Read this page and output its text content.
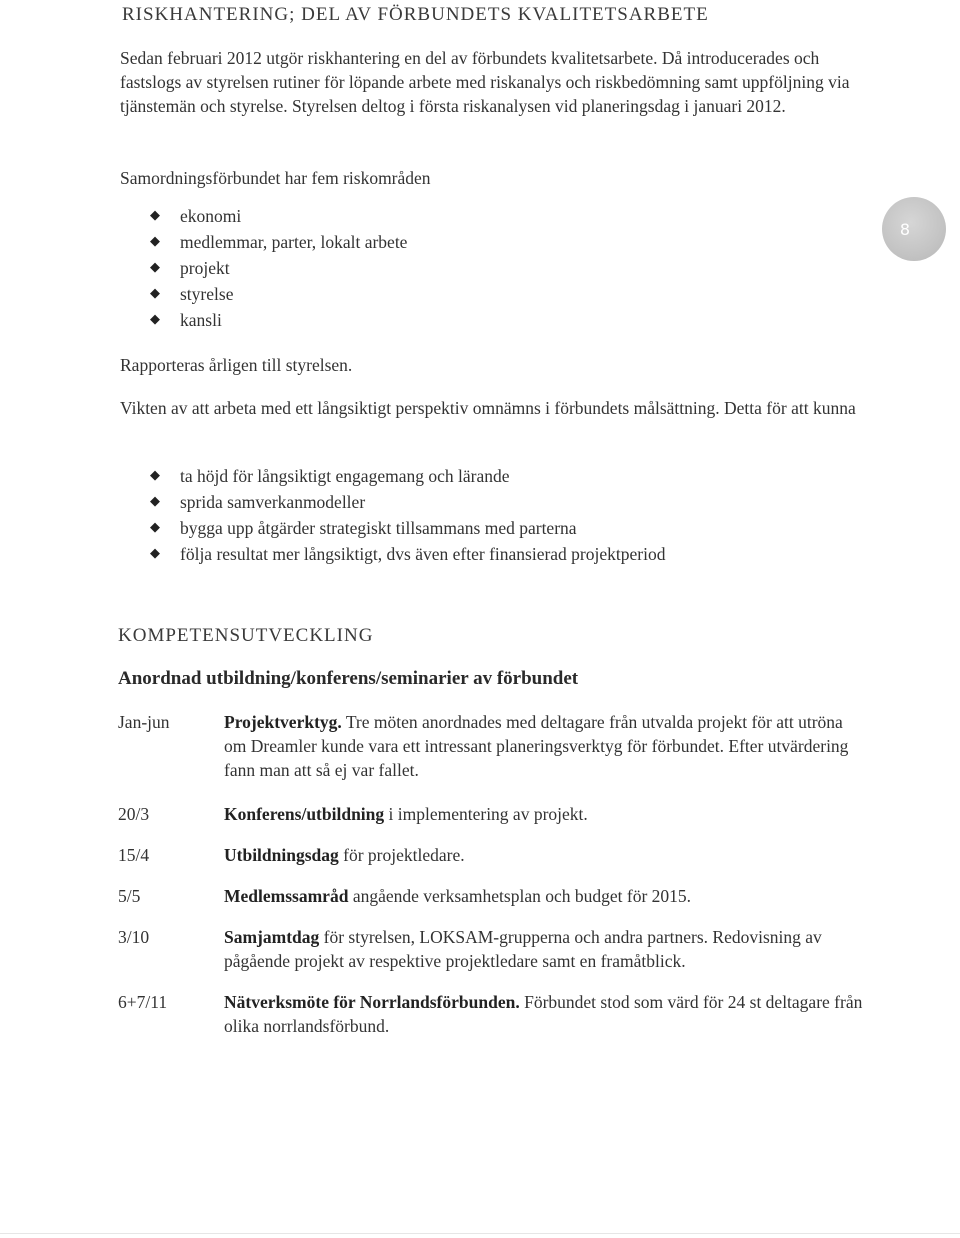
RISKHANTERING; DEL AV FÖRBUNDETS KVALITETSARBETE

Sedan februari 2012 utgör riskhantering en del av förbundets kvalitetsarbete. Då introducerades och fastslogs av styrelsen rutiner för löpande arbete med riskanalys och riskbedömning samt uppföljning via tjänstemän och styrelse. Styrelsen deltog i första riskanalysen vid planeringsdag i januari 2012.

Samordningsförbundet har fem riskområden

◆
ekonomi
◆
medlemmar, parter, lokalt arbete
◆
projekt
◆
styrelse
◆
kansli
8

Rapporteras årligen till styrelsen.

Vikten av att arbeta med ett långsiktigt perspektiv omnämns i förbundets målsättning. Detta för att kunna

◆
ta höjd för långsiktigt engagemang och lärande
◆
sprida samverkanmodeller
◆
bygga upp åtgärder strategiskt tillsammans med parterna
◆
följa resultat mer långsiktigt, dvs även efter finansierad projektperiod
KOMPETENSUTVECKLING
Anordnad utbildning/konferens/seminarier av förbundet
Jan-jun	Projektverktyg. Tre möten anordnades med deltagare från utvalda projekt för att utröna om Dreamler kunde vara ett intressant planeringsverktyg för förbundet. Efter utvärdering fann man att så ej var fallet.
20/3	Konferens/utbildning i implementering av projekt.
15/4	Utbildningsdag för projektledare.
5/5	Medlemssamråd angående verksamhetsplan och budget för 2015.
3/10	Samjamtdag för styrelsen, LOKSAM-grupperna och andra partners. Redovisning av pågående projekt av respektive projektledare samt en framåtblick.
6+7/11	Nätverksmöte för Norrlandsförbunden. Förbundet stod som värd för 24 st deltagare från olika norrlandsförbund.
